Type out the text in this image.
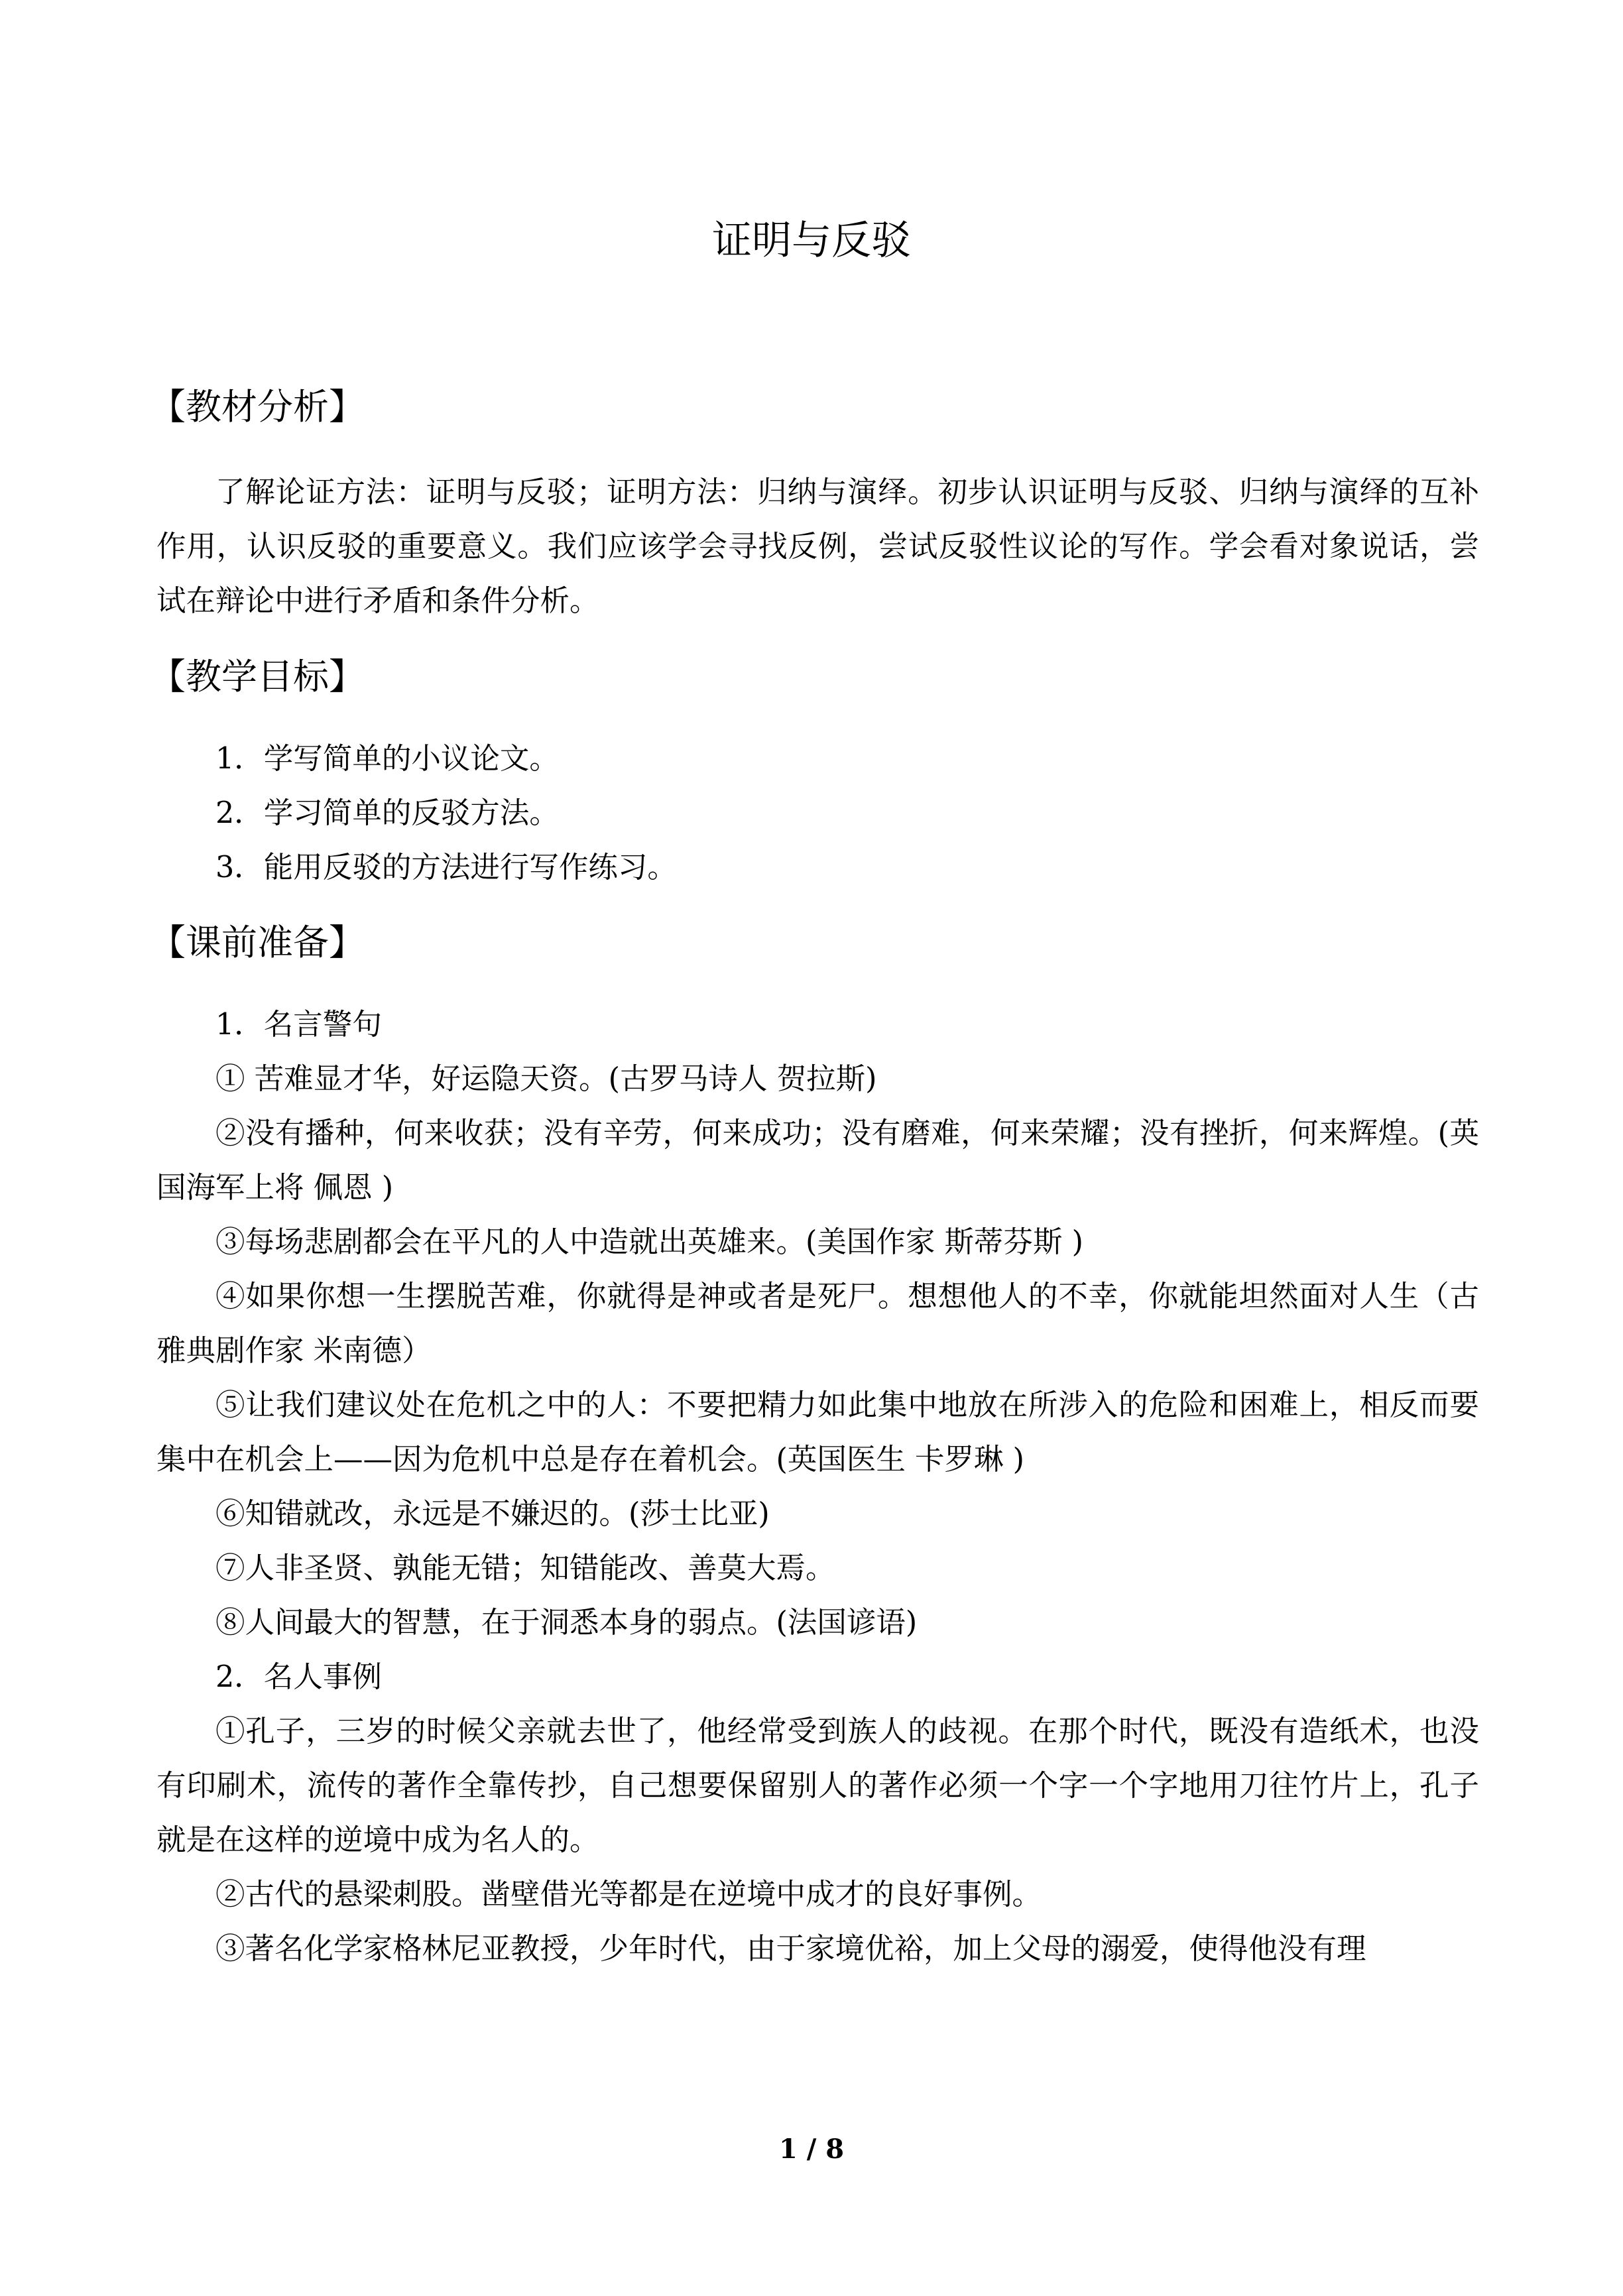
证明与反驳
【教材分析】

了解论证方法：证明与反驳；证明方法：归纳与演绎。初步认识证明与反驳、归纳与演绎的互补作用，认识反驳的重要意义。我们应该学会寻找反例，尝试反驳性议论的写作。学会看对象说话，尝试在辩论中进行矛盾和条件分析。

【教学目标】

1．学写简单的小议论文。

2．学习简单的反驳方法。

3．能用反驳的方法进行写作练习。

【课前准备】

1．名言警句

① 苦难显才华，好运隐天资。(古罗马诗人 贺拉斯)

②没有播种，何来收获；没有辛劳，何来成功；没有磨难，何来荣耀；没有挫折，何来辉煌。(英国海军上将 佩恩 )

③每场悲剧都会在平凡的人中造就出英雄来。(美国作家 斯蒂芬斯 )

④如果你想一生摆脱苦难，你就得是神或者是死尸。想想他人的不幸，你就能坦然面对人生（古雅典剧作家 米南德）

⑤让我们建议处在危机之中的人：不要把精力如此集中地放在所涉入的危险和困难上，相反而要集中在机会上——因为危机中总是存在着机会。(英国医生 卡罗琳 )

⑥知错就改，永远是不嫌迟的。(莎士比亚)

⑦人非圣贤、孰能无错；知错能改、善莫大焉。

⑧人间最大的智慧，在于洞悉本身的弱点。(法国谚语)

2．名人事例

①孔子，三岁的时候父亲就去世了，他经常受到族人的歧视。在那个时代，既没有造纸术，也没有印刷术，流传的著作全靠传抄，自己想要保留别人的著作必须一个字一个字地用刀往竹片上，孔子就是在这样的逆境中成为名人的。

②古代的悬梁刺股。凿壁借光等都是在逆境中成才的良好事例。

③著名化学家格林尼亚教授，少年时代，由于家境优裕，加上父母的溺爱，使得他没有理

1 / 8
